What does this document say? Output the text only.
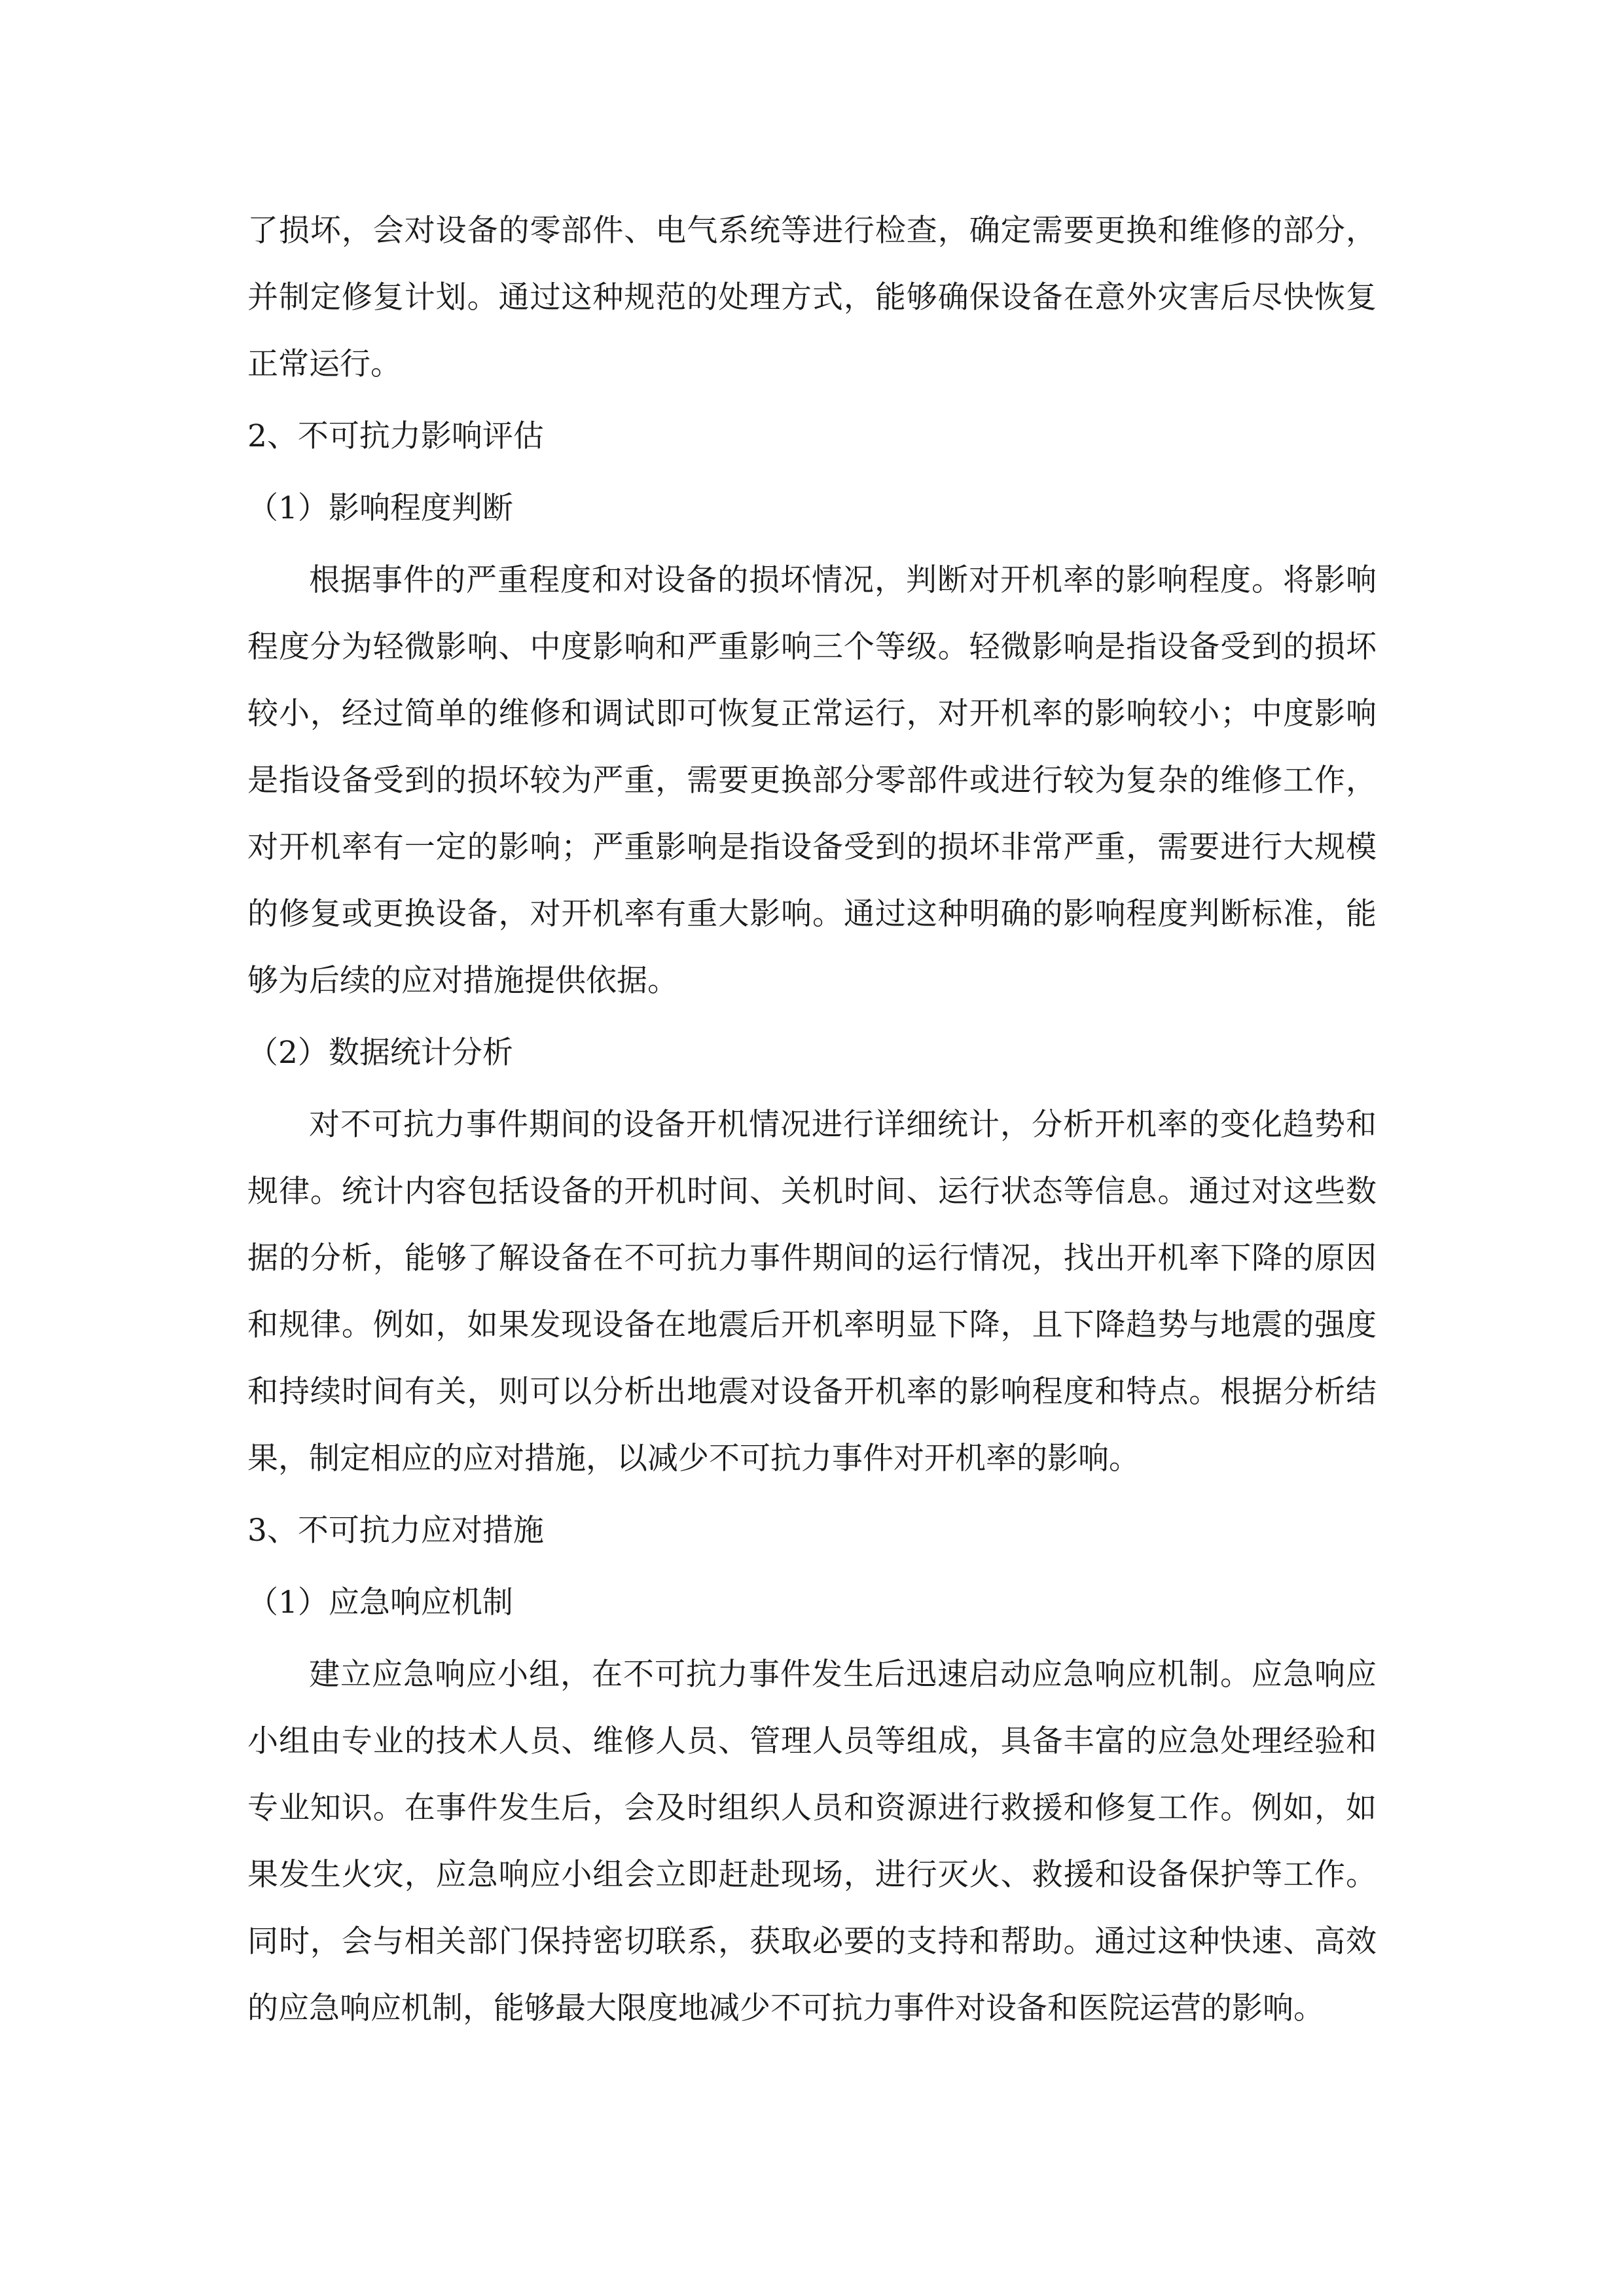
了损坏，会对设备的零部件、电气系统等进行检查，确定需要更换和维修的部分，并制定修复计划。通过这种规范的处理方式，能够确保设备在意外灾害后尽快恢复正常运行。

2、不可抗力影响评估

（1）影响程度判断

根据事件的严重程度和对设备的损坏情况，判断对开机率的影响程度。将影响程度分为轻微影响、中度影响和严重影响三个等级。轻微影响是指设备受到的损坏较小，经过简单的维修和调试即可恢复正常运行，对开机率的影响较小；中度影响是指设备受到的损坏较为严重，需要更换部分零部件或进行较为复杂的维修工作，对开机率有一定的影响；严重影响是指设备受到的损坏非常严重，需要进行大规模的修复或更换设备，对开机率有重大影响。通过这种明确的影响程度判断标准，能够为后续的应对措施提供依据。

（2）数据统计分析

对不可抗力事件期间的设备开机情况进行详细统计，分析开机率的变化趋势和规律。统计内容包括设备的开机时间、关机时间、运行状态等信息。通过对这些数据的分析，能够了解设备在不可抗力事件期间的运行情况，找出开机率下降的原因和规律。例如，如果发现设备在地震后开机率明显下降，且下降趋势与地震的强度和持续时间有关，则可以分析出地震对设备开机率的影响程度和特点。根据分析结果，制定相应的应对措施，以减少不可抗力事件对开机率的影响。

3、不可抗力应对措施

（1）应急响应机制

建立应急响应小组，在不可抗力事件发生后迅速启动应急响应机制。应急响应小组由专业的技术人员、维修人员、管理人员等组成，具备丰富的应急处理经验和专业知识。在事件发生后，会及时组织人员和资源进行救援和修复工作。例如，如果发生火灾，应急响应小组会立即赶赴现场，进行灭火、救援和设备保护等工作。同时，会与相关部门保持密切联系，获取必要的支持和帮助。通过这种快速、高效的应急响应机制，能够最大限度地减少不可抗力事件对设备和医院运营的影响。
